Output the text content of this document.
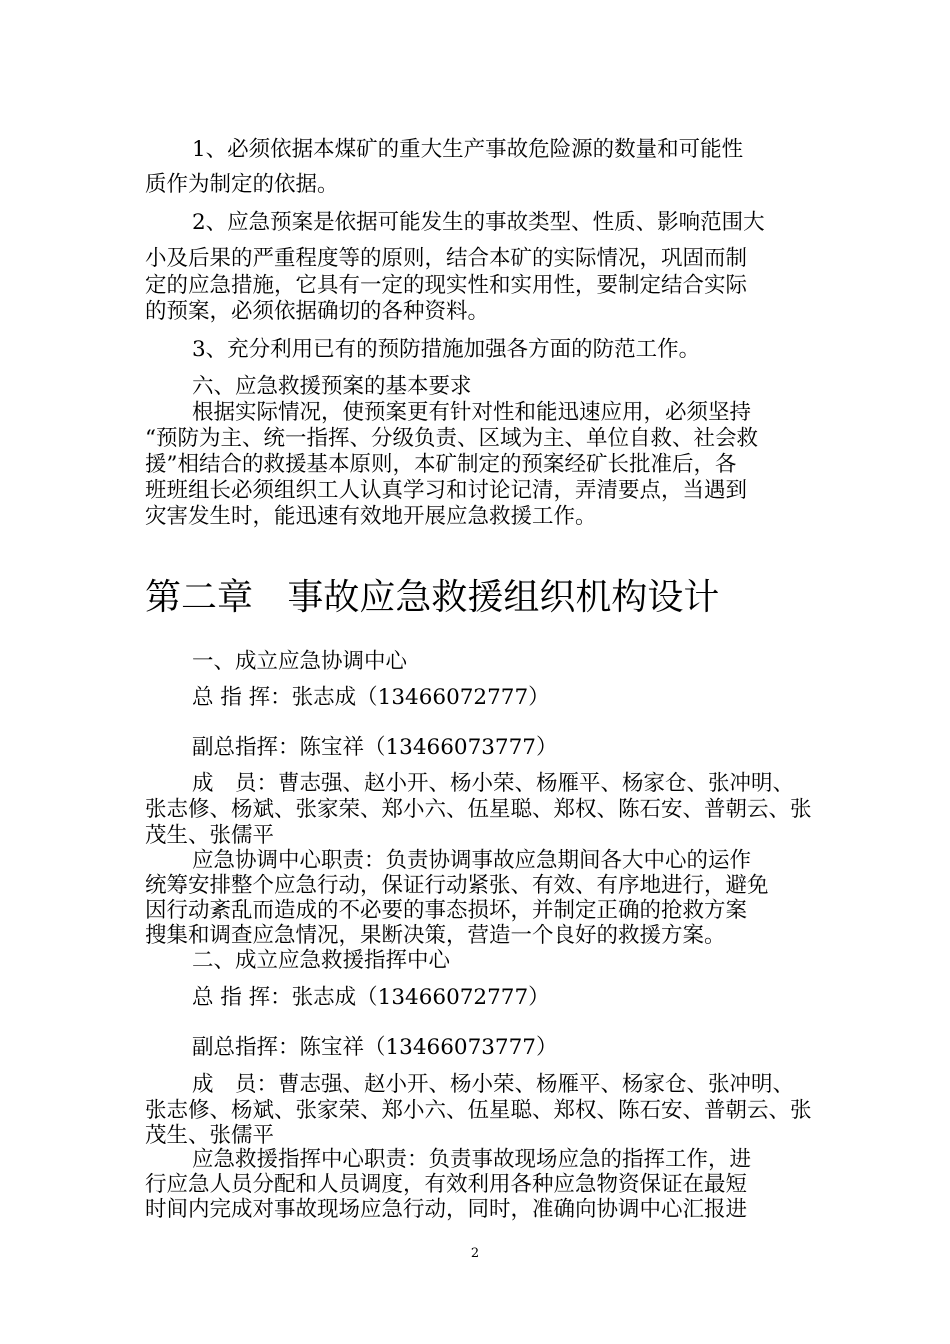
1、必须依据本煤矿的重大生产事故危险源的数量和可能性
质作为制定的依据。
2、应急预案是依据可能发生的事故类型、性质、影响范围大
小及后果的严重程度等的原则，结合本矿的实际情况，巩固而制
定的应急措施，它具有一定的现实性和实用性，要制定结合实际
的预案，必须依据确切的各种资料。
3、充分利用已有的预防措施加强各方面的防范工作。
六、应急救援预案的基本要求
根据实际情况，使预案更有针对性和能迅速应用，必须坚持
“预防为主、统一指挥、分级负责、区域为主、单位自救、社会救
援”相结合的救援基本原则，本矿制定的预案经矿长批准后，各
班班组长必须组织工人认真学习和讨论记清，弄清要点，当遇到
灾害发生时，能迅速有效地开展应急救援工作。
第二章   事故应急救援组织机构设计
一、成立应急协调中心
总 指 挥：张志成（13466072777）
副总指挥：陈宝祥（13466073777）
成　员：曹志强、赵小开、杨小荣、杨雁平、杨家仓、张冲明、
张志修、杨斌、张家荣、郑小六、伍星聪、郑权、陈石安、普朝云、张
茂生、张儒平
应急协调中心职责：负责协调事故应急期间各大中心的运作
统筹安排整个应急行动，保证行动紧张、有效、有序地进行，避免
因行动紊乱而造成的不必要的事态损坏，并制定正确的抢救方案
搜集和调查应急情况，果断决策，营造一个良好的救援方案。
二、成立应急救援指挥中心
总 指 挥：张志成（13466072777）
副总指挥：陈宝祥（13466073777）
成　员：曹志强、赵小开、杨小荣、杨雁平、杨家仓、张冲明、
张志修、杨斌、张家荣、郑小六、伍星聪、郑权、陈石安、普朝云、张
茂生、张儒平
应急救援指挥中心职责：负责事故现场应急的指挥工作，进
行应急人员分配和人员调度，有效利用各种应急物资保证在最短
时间内完成对事故现场应急行动，同时，准确向协调中心汇报进
2
